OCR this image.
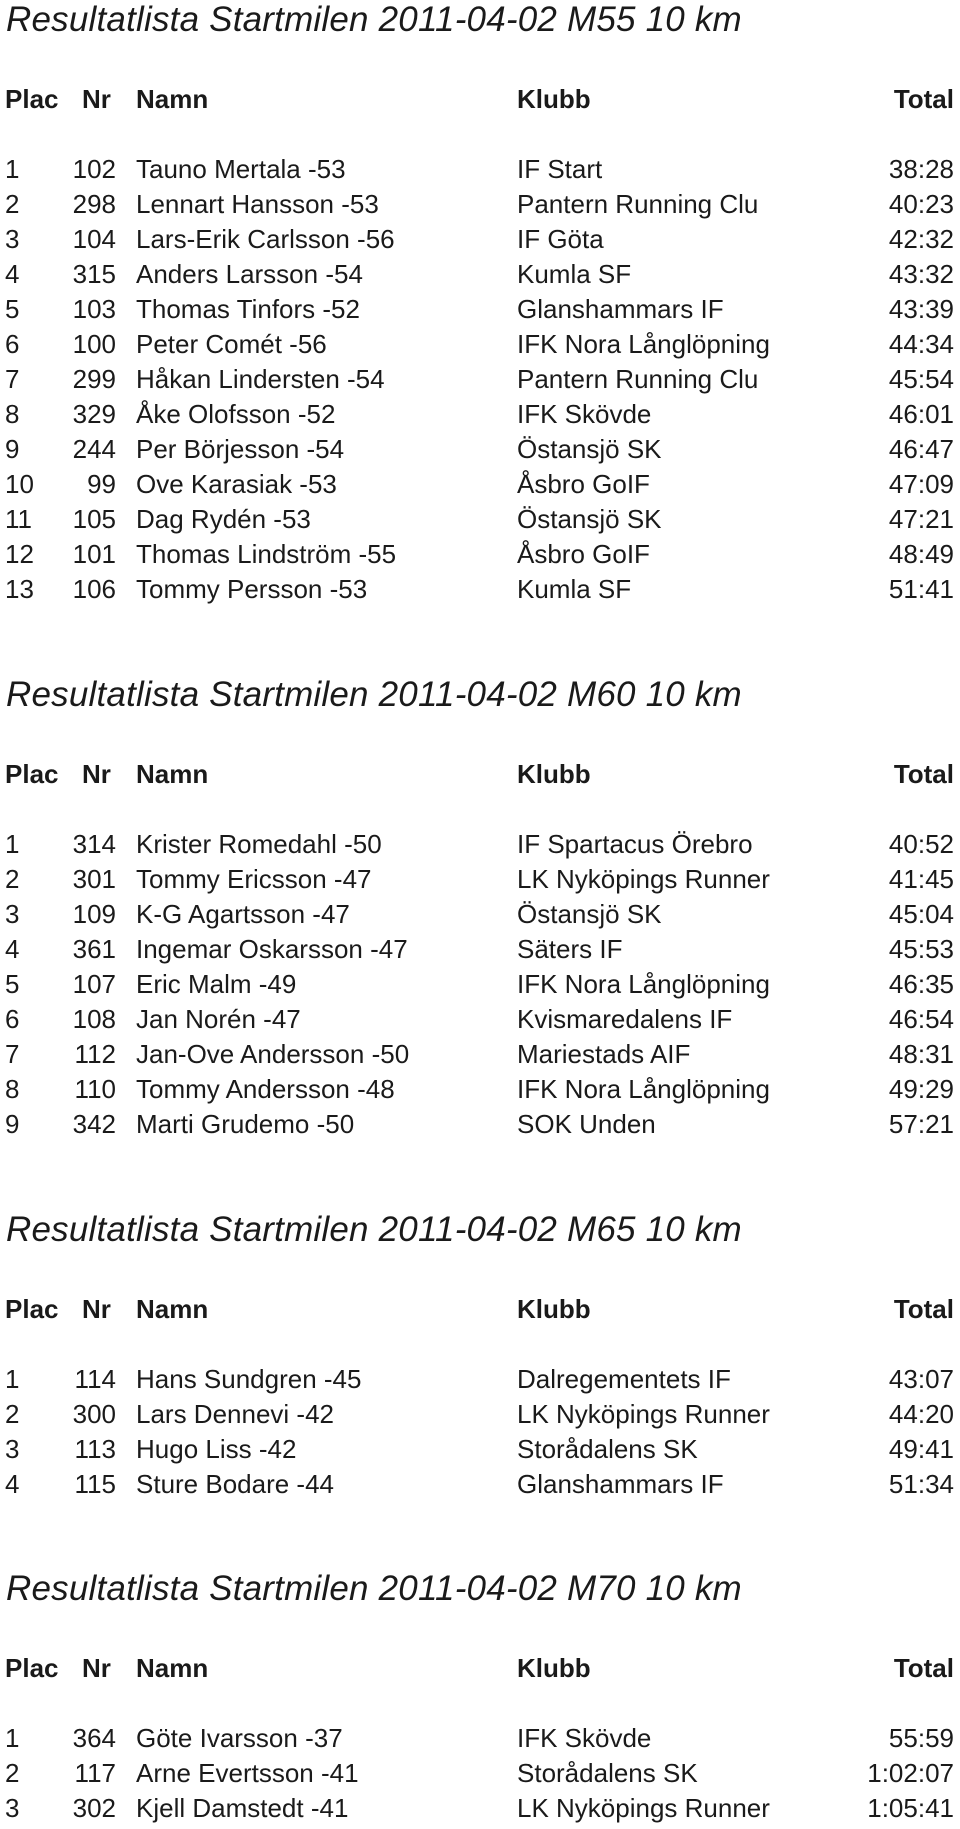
Resultatlista Startmilen 2011-04-02 M55 10 km
Plac Nr Namn	Klubb	Total
1	102 Tauno Mertala -53	IF Start	38:28
2	298 Lennart Hansson -53	Pantern Running Clu	40:23
3	104 Lars-Erik Carlsson -56	IF Göta	42:32
4	315 Anders Larsson -54	Kumla SF	43:32
5	103 Thomas Tinfors -52	Glanshammars IF	43:39
6	100 Peter Comét -56	IFK Nora Långlöpning	44:34
7	299 Håkan Lindersten -54	Pantern Running Clu	45:54
8	329 Åke Olofsson -52	IFK Skövde	46:01
9	244 Per Börjesson -54	Östansjö SK	46:47
10	99 Ove Karasiak -53	Åsbro GoIF	47:09
11	105 Dag Rydén -53	Östansjö SK	47:21
12	101 Thomas Lindström -55	Åsbro GoIF	48:49
13	106 Tommy Persson -53	Kumla SF	51:41
Resultatlista Startmilen 2011-04-02 M60 10 km
Plac Nr Namn	Klubb	Total
1	314 Krister Romedahl -50	IF Spartacus Örebro	40:52
2	301 Tommy Ericsson -47	LK Nyköpings Runner	41:45
3	109 K-G Agartsson -47	Östansjö SK	45:04
4	361 Ingemar Oskarsson -47	Säters IF	45:53
5	107 Eric Malm -49	IFK Nora Långlöpning	46:35
6	108 Jan Norén -47	Kvismaredalens IF	46:54
7	112 Jan-Ove Andersson -50	Mariestads AIF	48:31
8	110 Tommy Andersson -48	IFK Nora Långlöpning	49:29
9	342 Marti Grudemo -50	SOK Unden	57:21
Resultatlista Startmilen 2011-04-02 M65 10 km
Plac Nr Namn	Klubb	Total
1	114 Hans Sundgren -45	Dalregementets IF	43:07
2	300 Lars Dennevi -42	LK Nyköpings Runner	44:20
3	113 Hugo Liss -42	Storådalens SK	49:41
4	115 Sture Bodare -44	Glanshammars IF	51:34
Resultatlista Startmilen 2011-04-02 M70 10 km
Plac Nr Namn	Klubb	Total
1	364 Göte Ivarsson -37	IFK Skövde	55:59
2	117 Arne Evertsson -41	Storådalens SK	1:02:07
3	302 Kjell Damstedt -41	LK Nyköpings Runner	1:05:41
